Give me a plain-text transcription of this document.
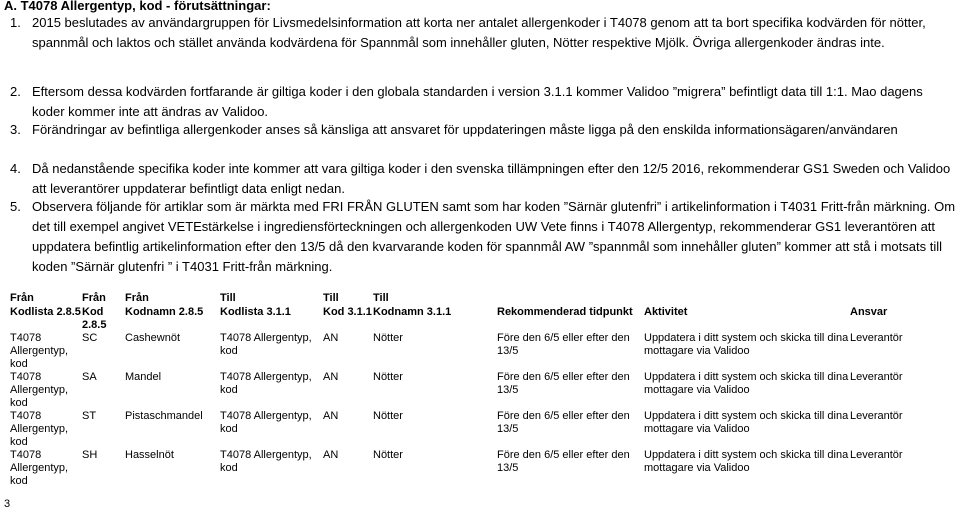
A. T4078 Allergentyp, kod - förutsättningar:
1. 2015 beslutades av användargruppen för Livsmedelsinformation att korta ner antalet allergenkoder i T4078 genom att ta bort specifika kodvärden för nötter, spannmål och laktos och stället använda kodvärdena för Spannmål som innehåller gluten, Nötter respektive Mjölk. Övriga allergenkoder ändras inte.
2. Eftersom dessa kodvärden fortfarande är giltiga koder i den globala standarden i version 3.1.1 kommer Validoo ”migrera” befintligt data till 1:1. Mao dagens koder kommer inte att ändras av Validoo.
3. Förändringar av befintliga allergenkoder anses så känsliga att ansvaret för uppdateringen måste ligga på den enskilda informationsägaren/användaren
4. Då nedanstående specifika koder inte kommer att vara giltiga koder i den svenska tillämpningen efter den 12/5 2016, rekommenderar GS1 Sweden och Validoo att leverantörer uppdaterar befintligt data enligt nedan.
5. Observera följande för artiklar som är märkta med FRI FRÅN GLUTEN samt som har koden ”Särnär glutenfri” i artikelinformation i T4031 Fritt-från märkning. Om det till exempel angivet VETEstärkelse i ingrediensförteckningen och allergenkoden UW Vete finns i T4078 Allergentyp, rekommenderar GS1 leverantören att uppdatera befintlig artikelinformation efter den 13/5 då den kvarvarande koden för spannmål AW ”spannmål som innehåller gluten” kommer att stå i motsats till koden ”Särnär glutenfri ” i T4031 Fritt-från märkning.
Från	Från	Från	Till	Till	Till			
Kodlista 2.8.5	Kod 2.8.5	Kodnamn 2.8.5	Kodlista 3.1.1	Kod 3.1.1	Kodnamn 3.1.1	Rekommenderad tidpunkt	Aktivitet	Ansvar
T4078 Allergentyp, kod	SC	Cashewnöt	T4078 Allergentyp, kod	AN	Nötter	Före den 6/5 eller efter den 13/5	Uppdatera i ditt system och skicka till dina mottagare via Validoo	Leverantör
T4078 Allergentyp, kod	SA	Mandel	T4078 Allergentyp, kod	AN	Nötter	Före den 6/5 eller efter den 13/5	Uppdatera i ditt system och skicka till dina mottagare via Validoo	Leverantör
T4078 Allergentyp, kod	ST	Pistaschmandel	T4078 Allergentyp, kod	AN	Nötter	Före den 6/5 eller efter den 13/5	Uppdatera i ditt system och skicka till dina mottagare via Validoo	Leverantör
T4078 Allergentyp, kod	SH	Hasselnöt	T4078 Allergentyp, kod	AN	Nötter	Före den 6/5 eller efter den 13/5	Uppdatera i ditt system och skicka till dina mottagare via Validoo	Leverantör
3
